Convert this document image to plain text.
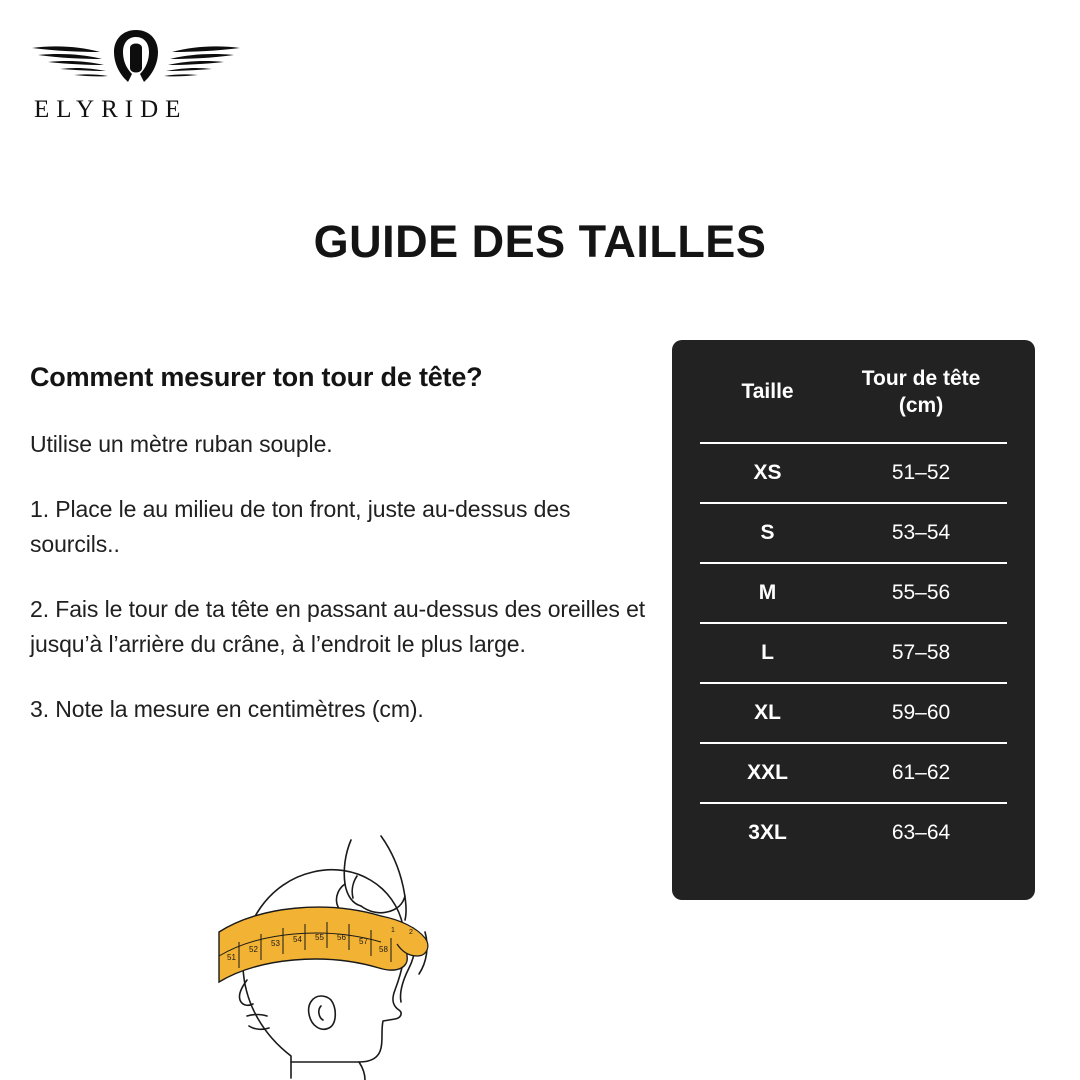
ELYRIDE
GUIDE DES TAILLES
Comment mesurer ton tour de tête?

Utilise un mètre ruban souple.

1. Place le au milieu de ton front, juste au-dessus des sourcils..

2. Fais le tour de ta tête en passant au-dessus des oreilles et jusqu’à l’arrière du crâne, à l’endroit le plus large.

3. Note la mesure en centimètres (cm).

51
52
53 54 55 56 57
58
1 2
Taille	Tour de tête
(cm)
XS	51–52
S	53–54
M	55–56
L	57–58
XL	59–60
XXL	61–62
3XL	63–64
